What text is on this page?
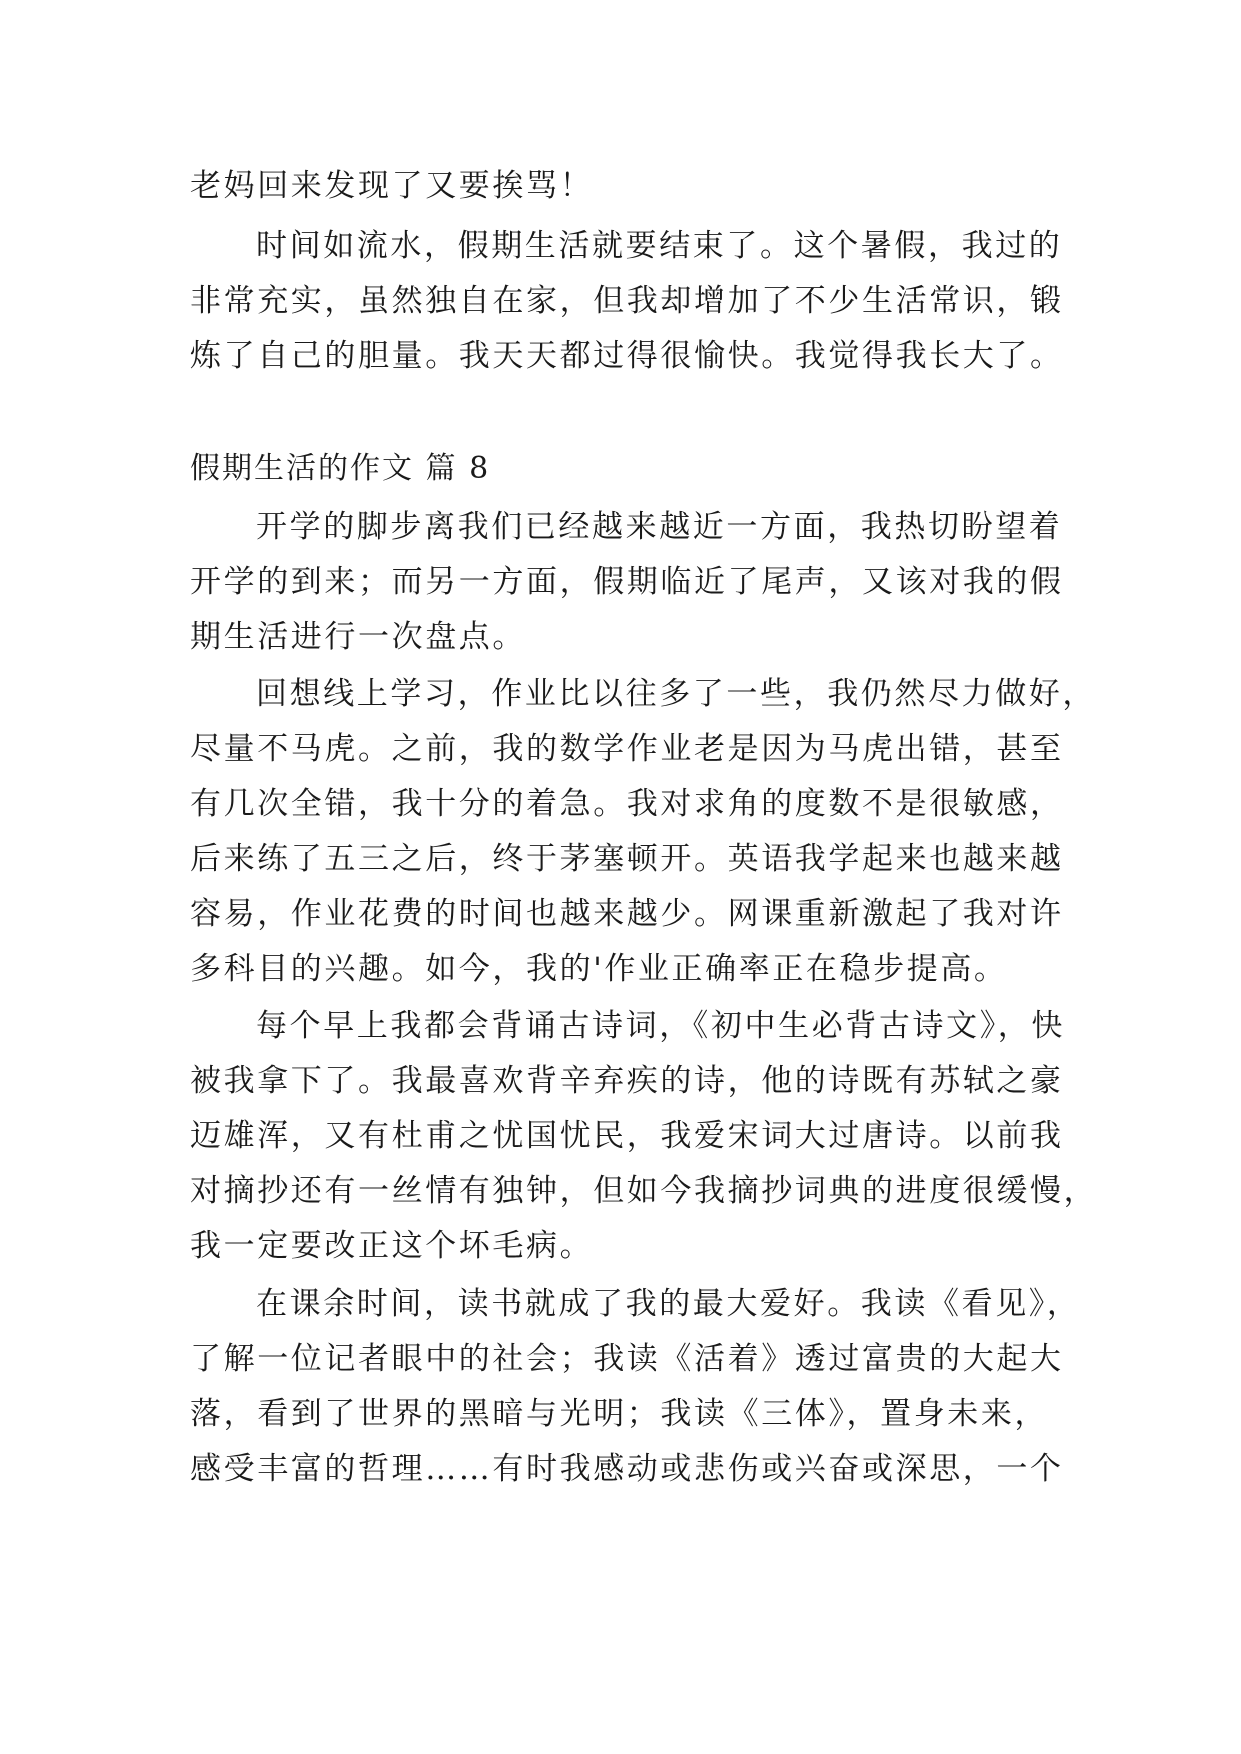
老妈回来发现了又要挨骂！

时间如流水，假期生活就要结束了。这个暑假，我过的

非常充实，虽然独自在家，但我却增加了不少生活常识，锻

炼了自己的胆量。我天天都过得很愉快。我觉得我长大了。

假期生活的作文 篇 8

开学的脚步离我们已经越来越近一方面，我热切盼望着

开学的到来；而另一方面，假期临近了尾声，又该对我的假

期生活进行一次盘点。

回想线上学习，作业比以往多了一些，我仍然尽力做好，

尽量不马虎。之前，我的数学作业老是因为马虎出错，甚至

有几次全错，我十分的着急。我对求角的度数不是很敏感，

后来练了五三之后，终于茅塞顿开。英语我学起来也越来越

容易，作业花费的时间也越来越少。网课重新激起了我对许

多科目的兴趣。如今，我的'作业正确率正在稳步提高。

每个早上我都会背诵古诗词，《初中生必背古诗文》，快

被我拿下了。我最喜欢背辛弃疾的诗，他的诗既有苏轼之豪

迈雄浑，又有杜甫之忧国忧民，我爱宋词大过唐诗。以前我

对摘抄还有一丝情有独钟，但如今我摘抄词典的进度很缓慢，

我一定要改正这个坏毛病。

在课余时间，读书就成了我的最大爱好。我读《看见》，

了解一位记者眼中的社会；我读《活着》透过富贵的大起大

落，看到了世界的黑暗与光明；我读《三体》，置身未来，

感受丰富的哲理……有时我感动或悲伤或兴奋或深思，一个
